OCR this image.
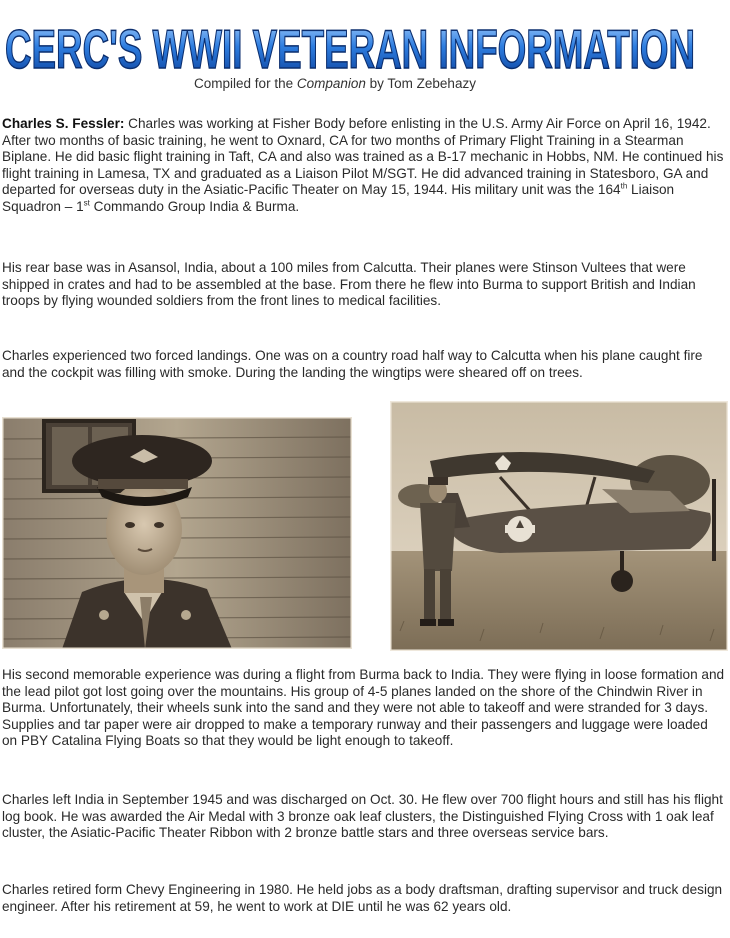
CERC'S WWII VETERAN INFORMATION
Compiled for the Companion by Tom Zebehazy

Charles S. Fessler: Charles was working at Fisher Body before enlisting in the U.S. Army Air Force on April 16, 1942. After two months of basic training, he went to Oxnard, CA for two months of Primary Flight Training in a Stearman Biplane. He did basic flight training in Taft, CA and also was trained as a B-17 mechanic in Hobbs, NM. He continued his flight training in Lamesa, TX and graduated as a Liaison Pilot M/SGT. He did advanced training in Statesboro, GA and departed for overseas duty in the Asiatic-Pacific Theater on May 15, 1944. His military unit was the 164th Liaison Squadron – 1st Commando Group India & Burma.

His rear base was in Asansol, India, about a 100 miles from Calcutta. Their planes were Stinson Vultees that were shipped in crates and had to be assembled at the base. From there he flew into Burma to support British and Indian troops by flying wounded soldiers from the front lines to medical facilities.

Charles experienced two forced landings. One was on a country road half way to Calcutta when his plane caught fire and the cockpit was filling with smoke. During the landing the wingtips were sheared off on trees.

His second memorable experience was during a flight from Burma back to India. They were flying in loose formation and the lead pilot got lost going over the mountains. His group of 4-5 planes landed on the shore of the Chindwin River in Burma. Unfortunately, their wheels sunk into the sand and they were not able to takeoff and were stranded for 3 days. Supplies and tar paper were air dropped to make a temporary runway and their passengers and luggage were loaded on PBY Catalina Flying Boats so that they would be light enough to takeoff.

Charles left India in September 1945 and was discharged on Oct. 30. He flew over 700 flight hours and still has his flight log book. He was awarded the Air Medal with 3 bronze oak leaf clusters, the Distinguished Flying Cross with 1 oak leaf cluster, the Asiatic-Pacific Theater Ribbon with 2 bronze battle stars and three overseas service bars.

Charles retired form Chevy Engineering in 1980. He held jobs as a body draftsman, drafting supervisor and truck design engineer. After his retirement at 59, he went to work at DIE until he was 62 years old.
